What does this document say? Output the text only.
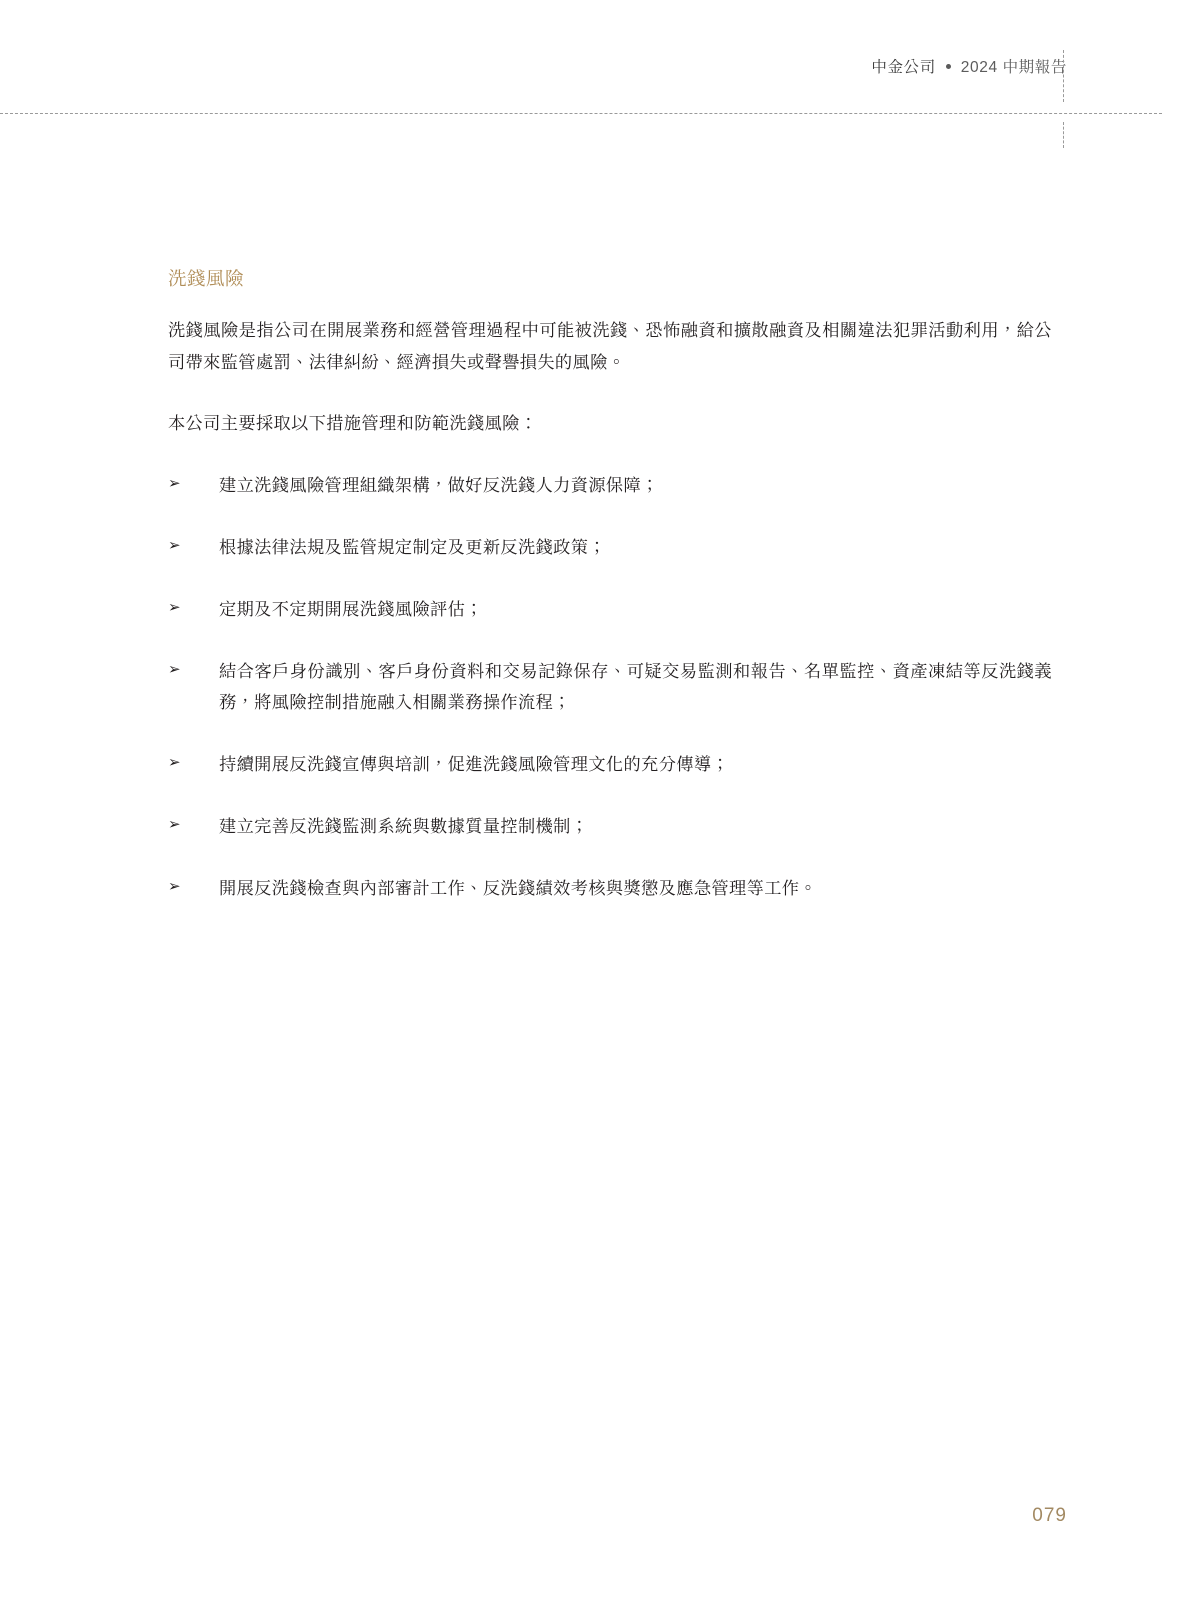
中金公司 2024 中期報告
洗錢風險

洗錢風險是指公司在開展業務和經營管理過程中可能被洗錢、恐怖融資和擴散融資及相關違法犯罪活動利用，給公司帶來監管處罰、法律糾紛、經濟損失或聲譽損失的風險。

本公司主要採取以下措施管理和防範洗錢風險：

➢ 建立洗錢風險管理組織架構，做好反洗錢人力資源保障；
➢ 根據法律法規及監管規定制定及更新反洗錢政策；
➢ 定期及不定期開展洗錢風險評估；
➢ 結合客戶身份識別、客戶身份資料和交易記錄保存、可疑交易監測和報告、名單監控、資產凍結等反洗錢義務，將風險控制措施融入相關業務操作流程；
➢ 持續開展反洗錢宣傳與培訓，促進洗錢風險管理文化的充分傳導；
➢ 建立完善反洗錢監測系統與數據質量控制機制；
➢ 開展反洗錢檢查與內部審計工作、反洗錢績效考核與獎懲及應急管理等工作。
079
